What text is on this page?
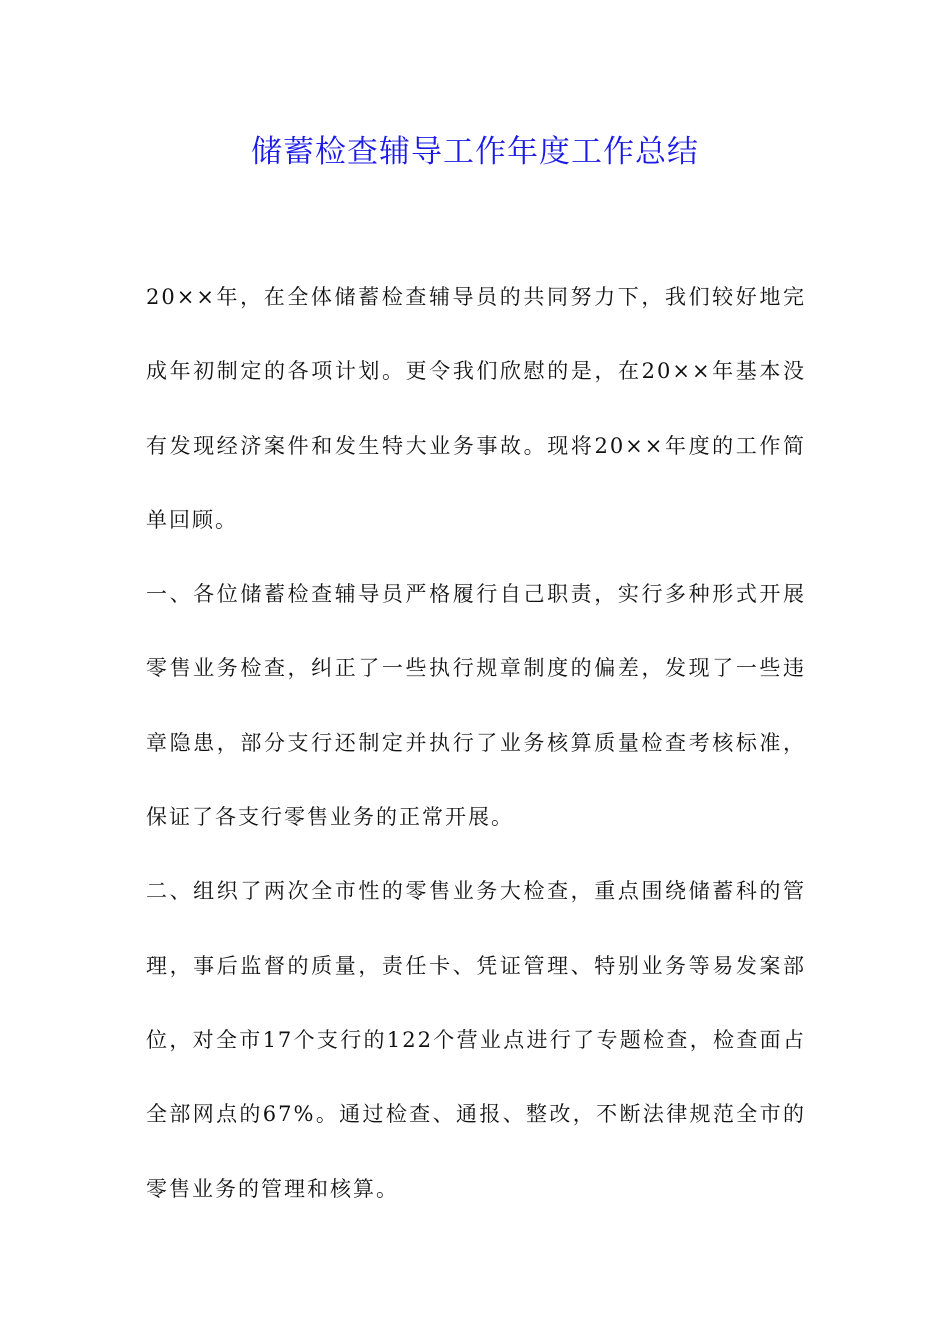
储蓄检查辅导工作年度工作总结

20××年，在全体储蓄检查辅导员的共同努力下，我们较好地完成年初制定的各项计划。更令我们欣慰的是，在20××年基本没有发现经济案件和发生特大业务事故。现将20××年度的工作简单回顾。

一、各位储蓄检查辅导员严格履行自己职责，实行多种形式开展零售业务检查，纠正了一些执行规章制度的偏差，发现了一些违章隐患，部分支行还制定并执行了业务核算质量检查考核标准，保证了各支行零售业务的正常开展。

二、组织了两次全市性的零售业务大检查，重点围绕储蓄科的管理，事后监督的质量，责任卡、凭证管理、特别业务等易发案部位，对全市17个支行的122个营业点进行了专题检查，检查面占全部网点的67%。通过检查、通报、整改，不断法律规范全市的零售业务的管理和核算。
